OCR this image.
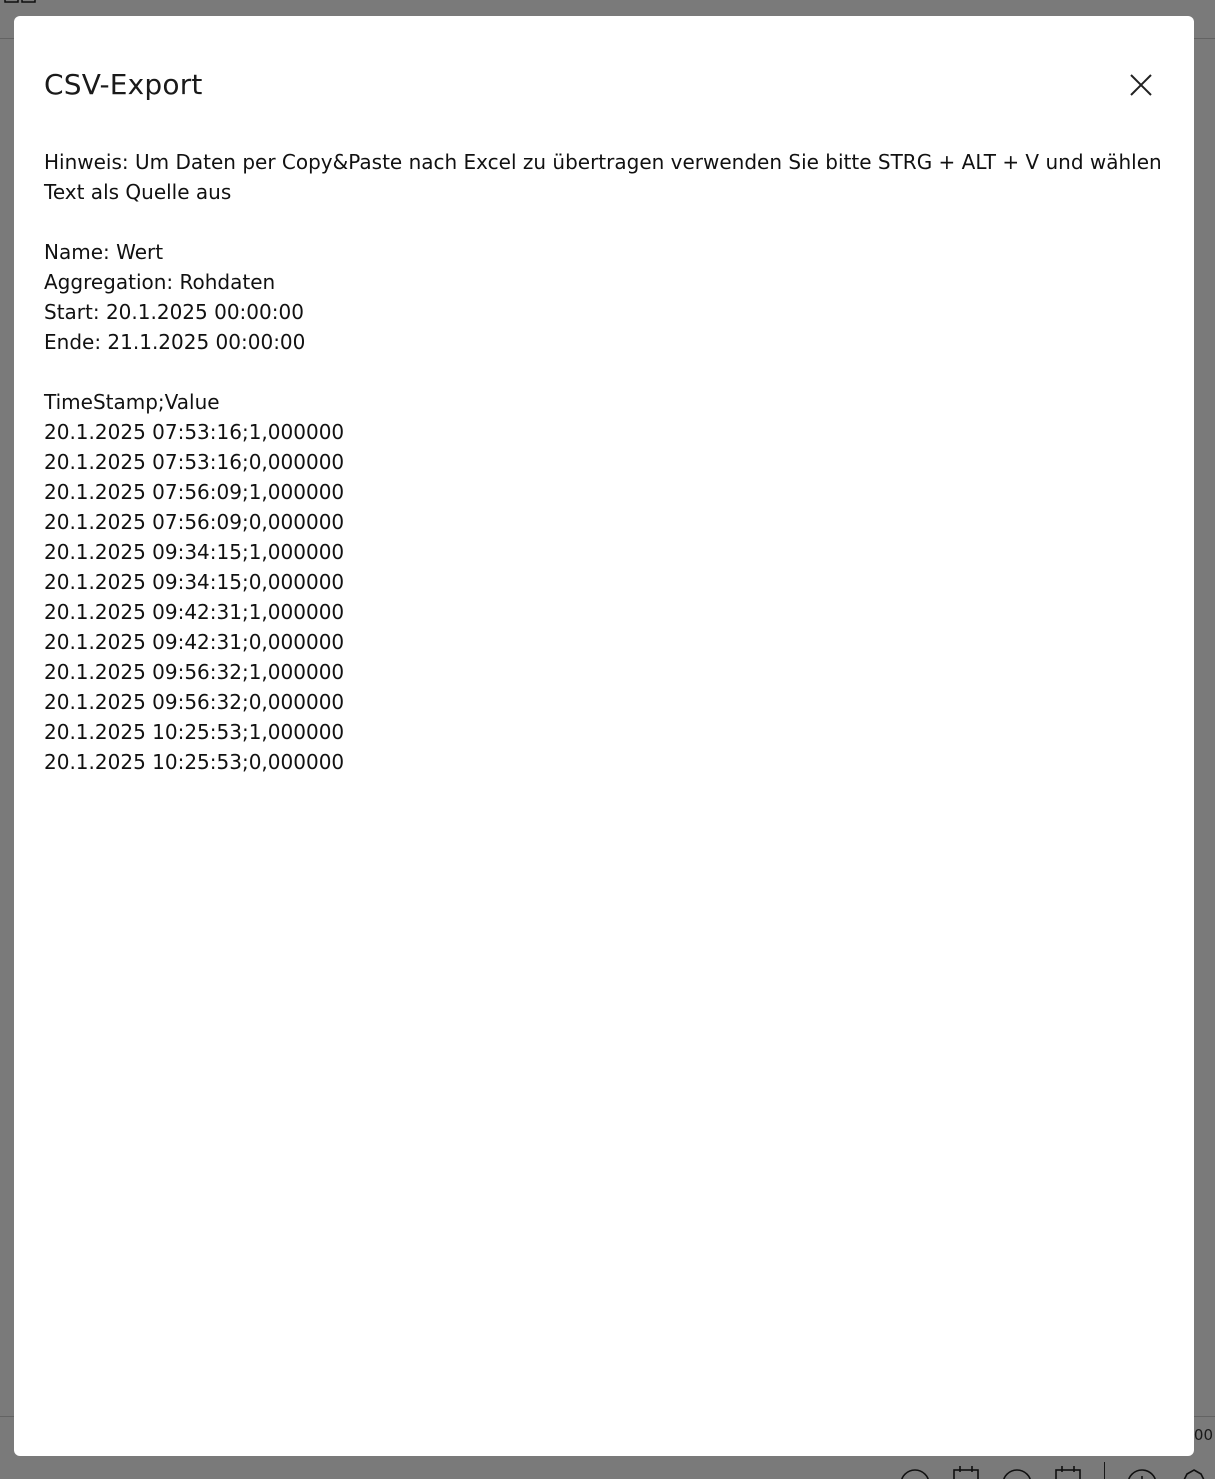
CSV-Export

Hinweis: Um Daten per Copy&Paste nach Excel zu übertragen verwenden Sie bitte STRG + ALT + V und wählen Text als Quelle aus

Name: Wert

Aggregation: Rohdaten

Start: 20.1.2025 00:00:00

Ende: 21.1.2025 00:00:00

TimeStamp;Value

20.1.2025 07:53:16;1,000000

20.1.2025 07:53:16;0,000000

20.1.2025 07:56:09;1,000000

20.1.2025 07:56:09;0,000000

20.1.2025 09:34:15;1,000000

20.1.2025 09:34:15;0,000000

20.1.2025 09:42:31;1,000000

20.1.2025 09:42:31;0,000000

20.1.2025 09:56:32;1,000000

20.1.2025 09:56:32;0,000000

20.1.2025 10:25:53;1,000000

20.1.2025 10:25:53;0,000000
